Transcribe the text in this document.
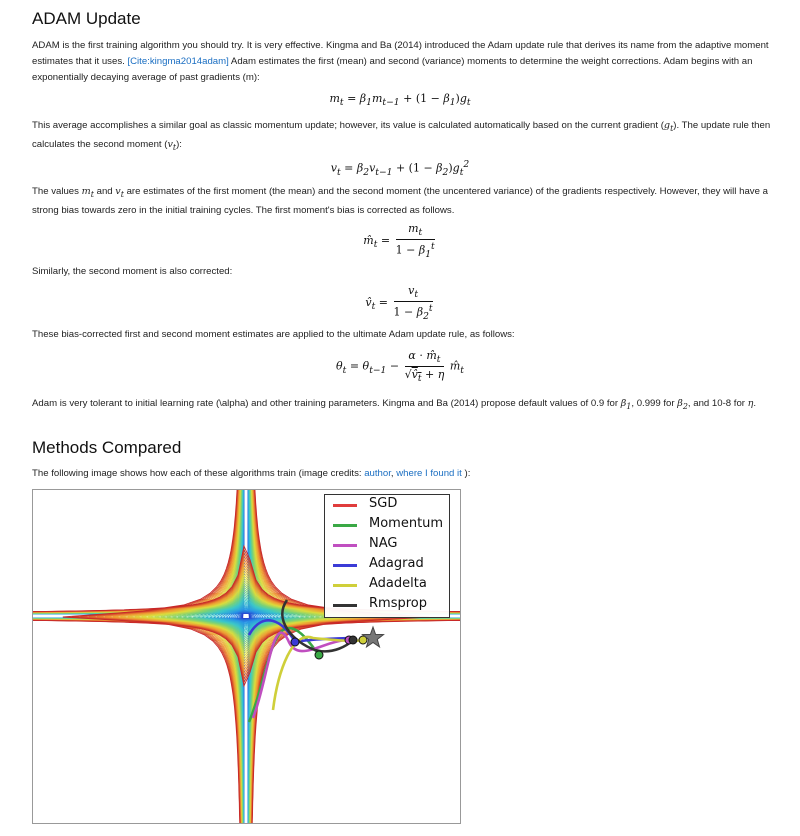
ADAM Update

ADAM is the first training algorithm you should try. It is very effective. Kingma and Ba (2014) introduced the Adam update rule that derives its name from the adaptive moment estimates that it uses. [Cite:kingma2014adam] Adam estimates the first (mean) and second (variance) moments to determine the weight corrections. Adam begins with an exponentially decaying average of past gradients (m):

$m_t = \beta_1m_{t-1} + (1 - \beta_1)g_t$

This average accomplishes a similar goal as classic momentum update; however, its value is calculated automatically based on the current gradient $(g_t)$. The update rule then calculates the second moment $(v_t)$:

$v_t = \beta_2v_{t-1} + (1 - \beta_2)g_t^2$

The values $m_t$ and $v_t$ are estimates of the first moment (the mean) and the second moment (the uncentered variance) of the gradients respectively. However, they will have a strong bias towards zero in the initial training cycles. The first moment's bias is corrected as follows.

$m̂_t = \frac{m_t}{1 - \beta_1^t}$

Similarly, the second moment is also corrected:

$v̂_t = \frac{v_t}{1 - \beta_2^t}$

These bias-corrected first and second moment estimates are applied to the ultimate Adam update rule, as follows:

$\theta_t = \theta_{t-1} - \frac{\alpha \cdot m̂_t}{√v̂_t + \eta}$ $m̂_t$

Adam is very tolerant to initial learning rate (\alpha) and other training parameters. Kingma and Ba (2014) propose default values of 0.9 for $\beta_1$, 0.999 for $\beta_2$, and 10-8 for η.

Methods Compared

The following image shows how each of these algorithms train (image credits: author, where I found it ):

SGD
Momentum
NAG
Adagrad
Adadelta
Rmsprop
